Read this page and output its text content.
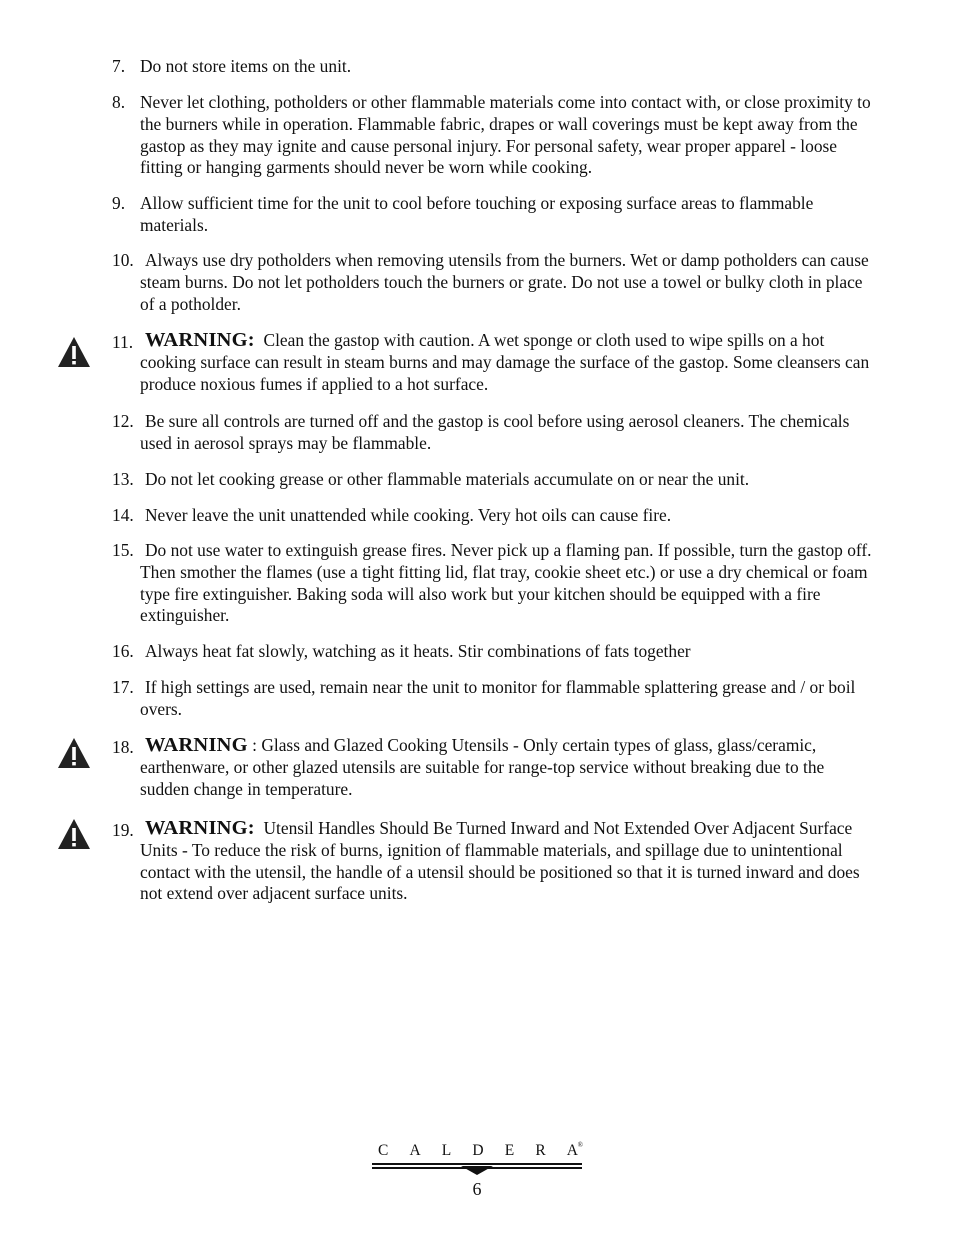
7. Do not store items on the unit.
8. Never let clothing, potholders or other flammable materials come into contact with, or close proximity to the burners while in operation. Flammable fabric, drapes or wall coverings must be kept away from the gastop as they may ignite and cause personal injury. For personal safety, wear proper apparel - loose fitting or hanging garments should never be worn while cooking.
9. Allow sufficient time for the unit to cool before touching or exposing surface areas to flammable materials.
10. Always use dry potholders when removing utensils from the burners. Wet or damp potholders can cause steam burns. Do not let potholders touch the burners or grate. Do not use a towel or bulky cloth in place of a potholder.
11. WARNING: Clean the gastop with caution. A wet sponge or cloth used to wipe spills on a hot cooking surface can result in steam burns and may damage the surface of the gastop. Some cleansers can produce noxious fumes if applied to a hot surface.
12. Be sure all controls are turned off and the gastop is cool before using aerosol cleaners. The chemicals used in aerosol sprays may be flammable.
13. Do not let cooking grease or other flammable materials accumulate on or near the unit.
14. Never leave the unit unattended while cooking. Very hot oils can cause fire.
15. Do not use water to extinguish grease fires. Never pick up a flaming pan. If possible, turn the gastop off. Then smother the flames (use a tight fitting lid, flat tray, cookie sheet etc.) or use a dry chemical or foam type fire extinguisher. Baking soda will also work but your kitchen should be equipped with a fire extinguisher.
16. Always heat fat slowly, watching as it heats. Stir combinations of fats together
17. If high settings are used, remain near the unit to monitor for flammable splattering grease and / or boil overs.
18. WARNING : Glass and Glazed Cooking Utensils - Only certain types of glass, glass/ceramic, earthenware, or other glazed utensils are suitable for range-top service without breaking due to the sudden change in temperature.
19. WARNING: Utensil Handles Should Be Turned Inward and Not Extended Over Adjacent Surface Units - To reduce the risk of burns, ignition of flammable materials, and spillage due to unintentional contact with the utensil, the handle of a utensil should be positioned so that it is turned inward and does not extend over adjacent surface units.
C A L D E R A ®
6
